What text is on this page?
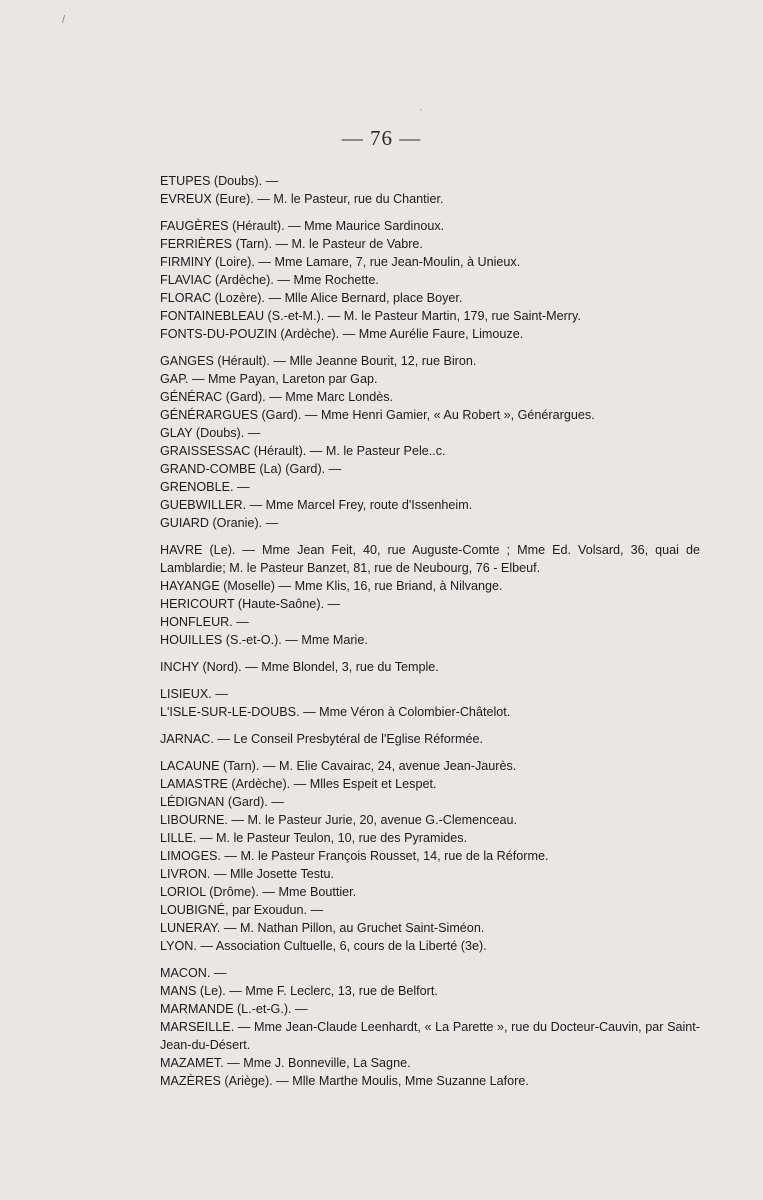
/
·
— 76 —
ETUPES (Doubs). —
EVREUX (Eure). — M. le Pasteur, rue du Chantier.
FAUGÈRES (Hérault). — Mme Maurice Sardinoux.
FERRIÈRES (Tarn). — M. le Pasteur de Vabre.
FIRMINY (Loire). — Mme Lamare, 7, rue Jean-Moulin, à Unieux.
FLAVIAC (Ardèche). — Mme Rochette.
FLORAC (Lozère). — Mlle Alice Bernard, place Boyer.
FONTAINEBLEAU (S.-et-M.). — M. le Pasteur Martin, 179, rue Saint-Merry.
FONTS-DU-POUZIN (Ardèche). — Mme Aurélie Faure, Limouze.
GANGES (Hérault). — Mlle Jeanne Bourit, 12, rue Biron.
GAP. — Mme Payan, Lareton par Gap.
GÉNÉRAC (Gard). — Mme Marc Londès.
GÉNÉRARGUES (Gard). — Mme Henri Gamier, « Au Robert », Générargues.
GLAY (Doubs). —
GRAISSESSAC (Hérault). — M. le Pasteur Pele..c.
GRAND-COMBE (La) (Gard). —
GRENOBLE. —
GUEBWILLER. — Mme Marcel Frey, route d'Issenheim.
GUIARD (Oranie). —
HAVRE (Le). — Mme Jean Feit, 40, rue Auguste-Comte ; Mme Ed. Volsard, 36, quai de Lamblardie; M. le Pasteur Banzet, 81, rue de Neubourg, 76 - Elbeuf.
HAYANGE (Moselle) — Mme Klis, 16, rue Briand, à Nilvange.
HERICOURT (Haute-Saône). —
HONFLEUR. —
HOUILLES (S.-et-O.). — Mme Marie.
INCHY (Nord). — Mme Blondel, 3, rue du Temple.
LISIEUX. —
L'ISLE-SUR-LE-DOUBS. — Mme Véron à Colombier-Châtelot.
JARNAC. — Le Conseil Presbytéral de l'Eglise Réformée.
LACAUNE (Tarn). — M. Elie Cavairac, 24, avenue Jean-Jaurès.
LAMASTRE (Ardèche). — Mlles Espeit et Lespet.
LÉDIGNAN (Gard). —
LIBOURNE. — M. le Pasteur Jurie, 20, avenue G.-Clemenceau.
LILLE. — M. le Pasteur Teulon, 10, rue des Pyramides.
LIMOGES. — M. le Pasteur François Rousset, 14, rue de la Réforme.
LIVRON. — Mlle Josette Testu.
LORIOL (Drôme). — Mme Bouttier.
LOUBIGNÉ, par Exoudun. —
LUNERAY. — M. Nathan Pillon, au Gruchet Saint-Siméon.
LYON. — Association Cultuelle, 6, cours de la Liberté (3e).
MACON. —
MANS (Le). — Mme F. Leclerc, 13, rue de Belfort.
MARMANDE (L.-et-G.). —
MARSEILLE. — Mme Jean-Claude Leenhardt, « La Parette », rue du Docteur-Cauvin, par Saint-Jean-du-Désert.
MAZAMET. — Mme J. Bonneville, La Sagne.
MAZÈRES (Ariège). — Mlle Marthe Moulis, Mme Suzanne Lafore.
